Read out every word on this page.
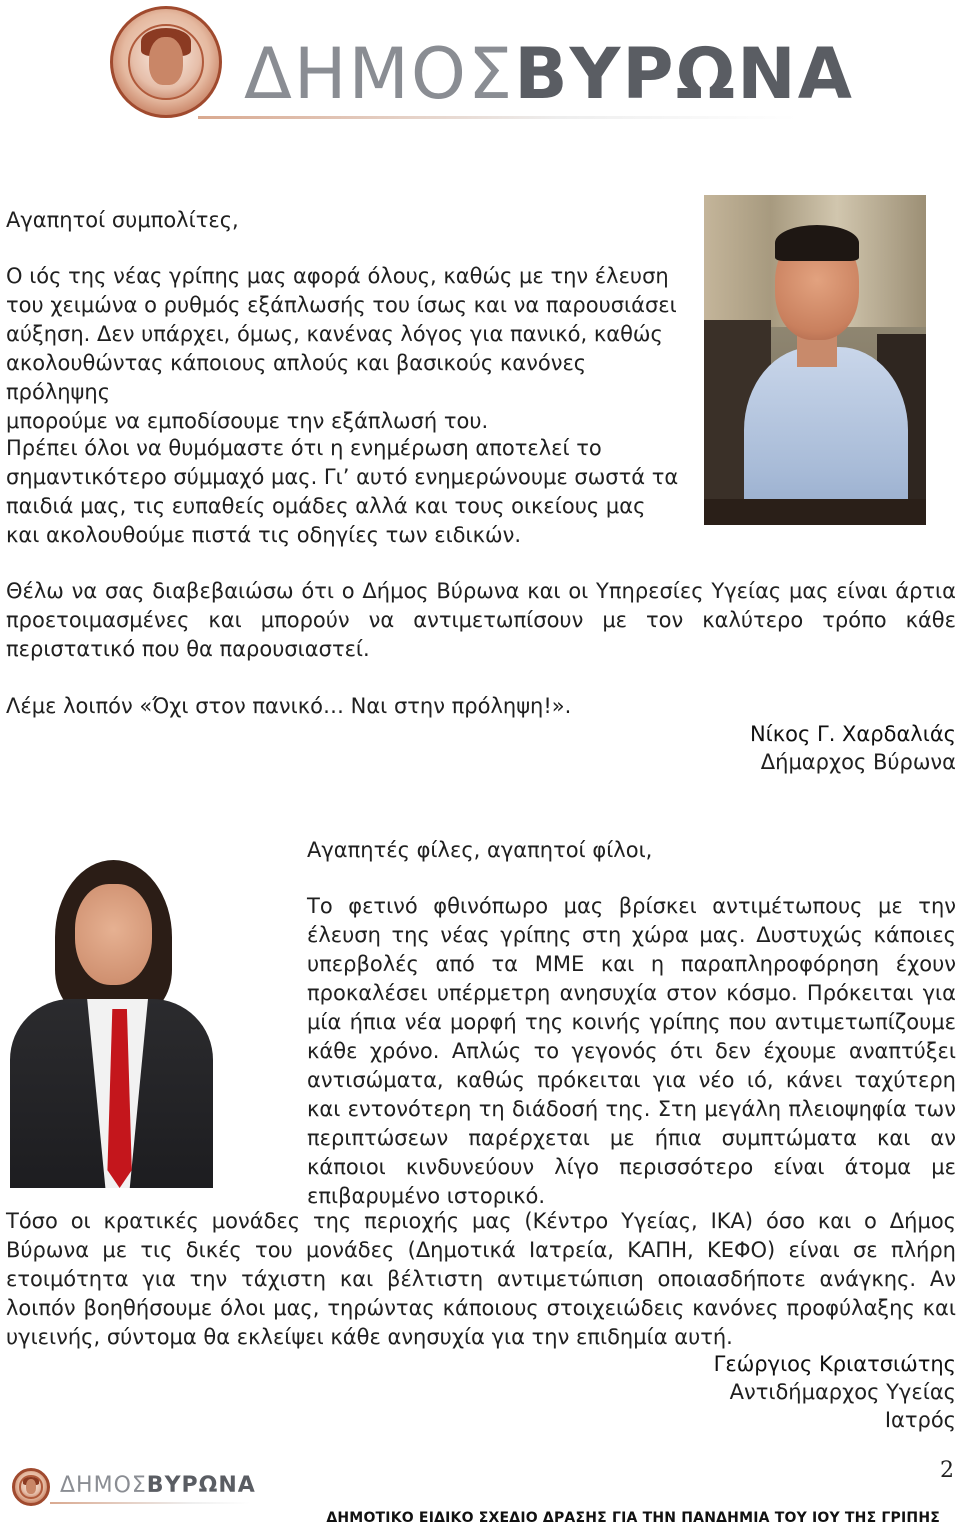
ΔΗΜΟΣΒΥΡΩΝΑ
Αγαπητοί συμπολίτες,
Ο ιός της νέας γρίπης μας αφορά όλους, καθώς με την έλευση
του χειμώνα ο ρυθμός εξάπλωσής του ίσως και να παρουσιάσει
αύξηση. Δεν υπάρχει, όμως, κανένας λόγος για πανικό, καθώς
ακολουθώντας κάποιους απλούς και βασικούς κανόνες πρόληψης
μπορούμε να εμποδίσουμε την εξάπλωσή του.
Πρέπει όλοι να θυμόμαστε ότι η ενημέρωση αποτελεί το
σημαντικότερο σύμμαχό μας. Γι’ αυτό ενημερώνουμε σωστά τα
παιδιά μας, τις ευπαθείς ομάδες αλλά και τους οικείους μας
και ακολουθούμε πιστά τις οδηγίες των ειδικών.
Θέλω να σας διαβεβαιώσω ότι ο Δήμος Βύρωνα και οι Υπηρεσίες Υγείας μας είναι άρτια προετοιμασμένες και μπορούν να αντιμετωπίσουν με τον καλύτερο τρόπο κάθε περιστατικό που θα παρουσιαστεί.
Λέμε λοιπόν «Όχι στον πανικό… Ναι στην πρόληψη!».
Νίκος Γ. Χαρδαλιάς
Δήμαρχος Βύρωνα
Αγαπητές φίλες, αγαπητοί φίλοι,
Το φετινό φθινόπωρο μας βρίσκει αντιμέτωπους με την έλευση της νέας γρίπης στη χώρα μας. Δυστυχώς κάποιες υπερβολές από τα ΜΜΕ και η παραπληροφόρηση έχουν προκαλέσει υπέρμετρη ανησυχία στον κόσμο. Πρόκειται για μία ήπια νέα μορφή της κοινής γρίπης που αντιμετωπίζουμε κάθε χρόνο. Απλώς το γεγονός ότι δεν έχουμε αναπτύξει αντισώματα, καθώς πρόκειται για νέο ιό, κάνει ταχύτερη και εντονότερη τη διάδοσή της. Στη μεγάλη πλειοψηφία των περιπτώσεων παρέρχεται με ήπια συμπτώματα και αν κάποιοι κινδυνεύουν λίγο περισσότερο είναι άτομα με επιβαρυμένο ιστορικό.
Τόσο οι κρατικές μονάδες της περιοχής μας (Κέντρο Υγείας, ΙΚΑ) όσο και ο Δήμος Βύρωνα με τις δικές του μονάδες (Δημοτικά Ιατρεία, ΚΑΠΗ, ΚΕΦΟ) είναι σε πλήρη ετοιμότητα για την τάχιστη και βέλτιστη αντιμετώπιση οποιασδήποτε ανάγκης. Αν λοιπόν βοηθήσουμε όλοι μας, τηρώντας κάποιους στοιχειώδεις κανόνες προφύλαξης και υγιεινής, σύντομα θα εκλείψει κάθε ανησυχία για την επιδημία αυτή.
Γεώργιος Κριατσιώτης
Αντιδήμαρχος Υγείας
Ιατρός
ΔΗΜΟΣΒΥΡΩΝΑ
2
ΔΗΜΟΤΙΚΟ ΕΙΔΙΚΟ ΣΧΕΔΙΟ ΔΡΑΣΗΣ ΓΙΑ ΤΗΝ ΠΑΝΔΗΜΙΑ ΤΟΥ ΙΟΥ ΤΗΣ ΓΡΙΠΗΣ
